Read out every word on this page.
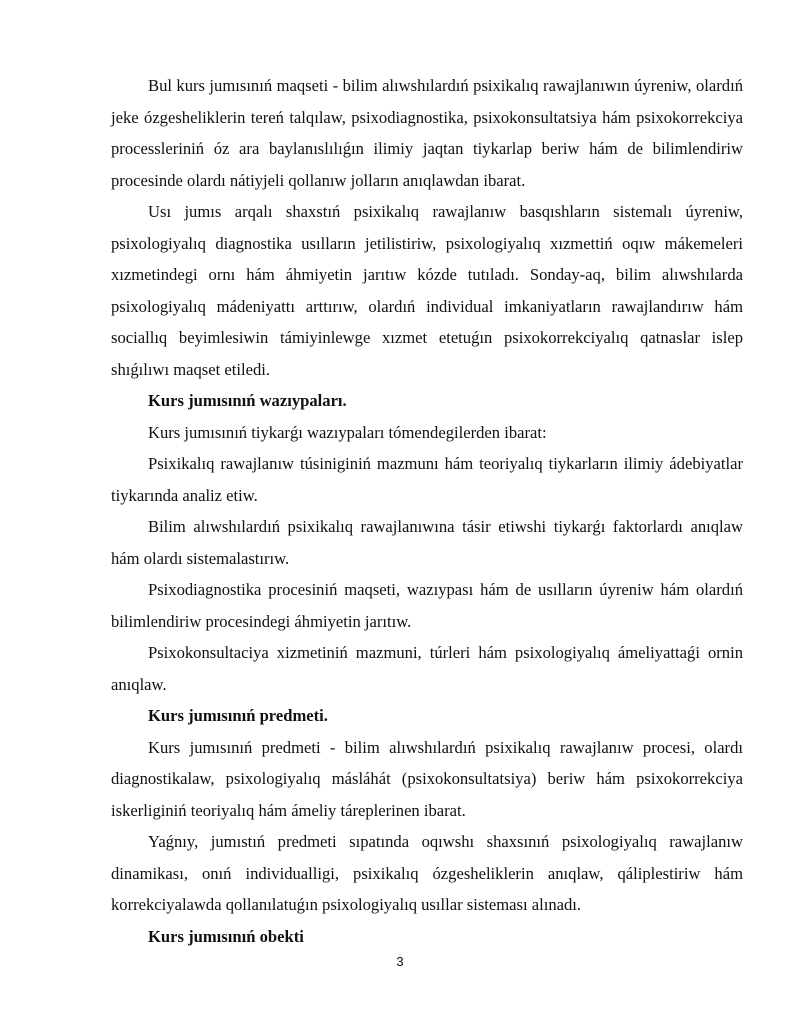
Bul kurs jumısınıń maqseti - bilim alıwshılardıń psixikalıq rawajlanıwın úyreniw, olardıń jeke ózgesheliklerin tereń talqılaw, psixodiagnostika, psixokonsultatsiya hám psixokorrekciya processleriniń óz ara baylanıslılıǵın ilimiy jaqtan tiykarlap beriw hám de bilimlendiriw procesinde olardı nátiyjeli qollanıw jolların anıqlawdan ibarat.

Usı jumıs arqalı shaxstıń psixikalıq rawajlanıw basqıshların sistemalı úyreniw, psixologiyalıq diagnostika usılların jetilistiriw, psixologiyalıq xızmettiń oqıw mákemeleri xızmetindegi ornı hám áhmiyetin jarıtıw kózde tutıladı. Sonday-aq, bilim alıwshılarda psixologiyalıq mádeniyattı arttırıw, olardıń individual imkaniyatların rawajlandırıw hám sociallıq beyimlesiwin támiyinlewge xızmet etetuǵın psixokorrekciyalıq qatnaslar islep shıǵılıwı maqset etiledi.

Kurs jumısınıń wazıypaları.

Kurs jumısınıń tiykarǵı wazıypaları tómendegilerden ibarat:

Psixikalıq rawajlanıw túsiniginiń mazmunı hám teoriyalıq tiykarların ilimiy ádebiyatlar tiykarında analiz etiw.

Bilim alıwshılardıń psixikalıq rawajlanıwına tásir etiwshi tiykarǵı faktorlardı anıqlaw hám olardı sistemalastırıw.

Psixodiagnostika procesiniń maqseti, wazıypası hám de usılların úyreniw hám olardıń bilimlendiriw procesindegi áhmiyetin jarıtıw.

Psixokonsultaciya xizmetiniń mazmuni, túrleri hám psixologiyalıq ámeliyattaǵi ornin anıqlaw.

Kurs jumısınıń predmeti.

Kurs jumısınıń predmeti - bilim alıwshılardıń psixikalıq rawajlanıw procesi, olardı diagnostikalaw, psixologiyalıq másláhát (psixokonsultatsiya) beriw hám psixokorrekciya iskerliginiń teoriyalıq hám ámeliy táreplerinen ibarat.

Yaǵnıy, jumıstıń predmeti sıpatında oqıwshı shaxsınıń psixologiyalıq rawajlanıw dinamikası, onıń individualligi, psixikalıq ózgesheliklerin anıqlaw, qáliplestiriw hám korrekciyalawda qollanılatuǵın psixologiyalıq usıllar sisteması alınadı.

Kurs jumısınıń obekti

3
